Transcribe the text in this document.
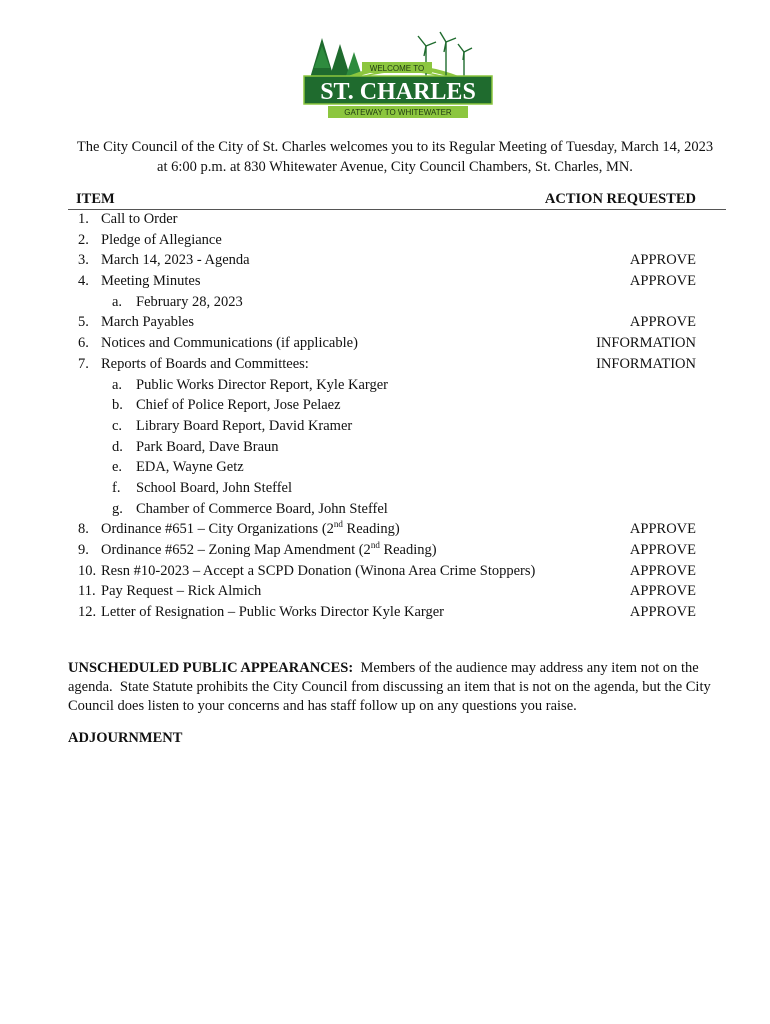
WELCOME TO
ST. CHARLES
GATEWAY TO WHITEWATER
The City Council of the City of St. Charles welcomes you to its Regular Meeting of Tuesday, March 14, 2023 at 6:00 p.m. at 830 Whitewater Avenue, City Council Chambers, St. Charles, MN.
ITEM	ACTION REQUESTED
1. Call to Order
2. Pledge of Allegiance
3. March 14, 2023 - Agenda	APPROVE
4. Meeting Minutes	APPROVE
a. February 28, 2023
5. March Payables	APPROVE
6. Notices and Communications (if applicable)	INFORMATION
7. Reports of Boards and Committees:	INFORMATION
a. Public Works Director Report, Kyle Karger
b. Chief of Police Report, Jose Pelaez
c. Library Board Report, David Kramer
d. Park Board, Dave Braun
e. EDA, Wayne Getz
f. School Board, John Steffel
g. Chamber of Commerce Board, John Steffel
8. Ordinance #651 – City Organizations (2nd Reading)	APPROVE
9. Ordinance #652 – Zoning Map Amendment (2nd Reading)	APPROVE
10. Resn #10-2023 – Accept a SCPD Donation (Winona Area Crime Stoppers)	APPROVE
11. Pay Request – Rick Almich	APPROVE
12. Letter of Resignation – Public Works Director Kyle Karger	APPROVE
UNSCHEDULED PUBLIC APPEARANCES:  Members of the audience may address any item not on the agenda.  State Statute prohibits the City Council from discussing an item that is not on the agenda, but the City Council does listen to your concerns and has staff follow up on any questions you raise.
ADJOURNMENT
